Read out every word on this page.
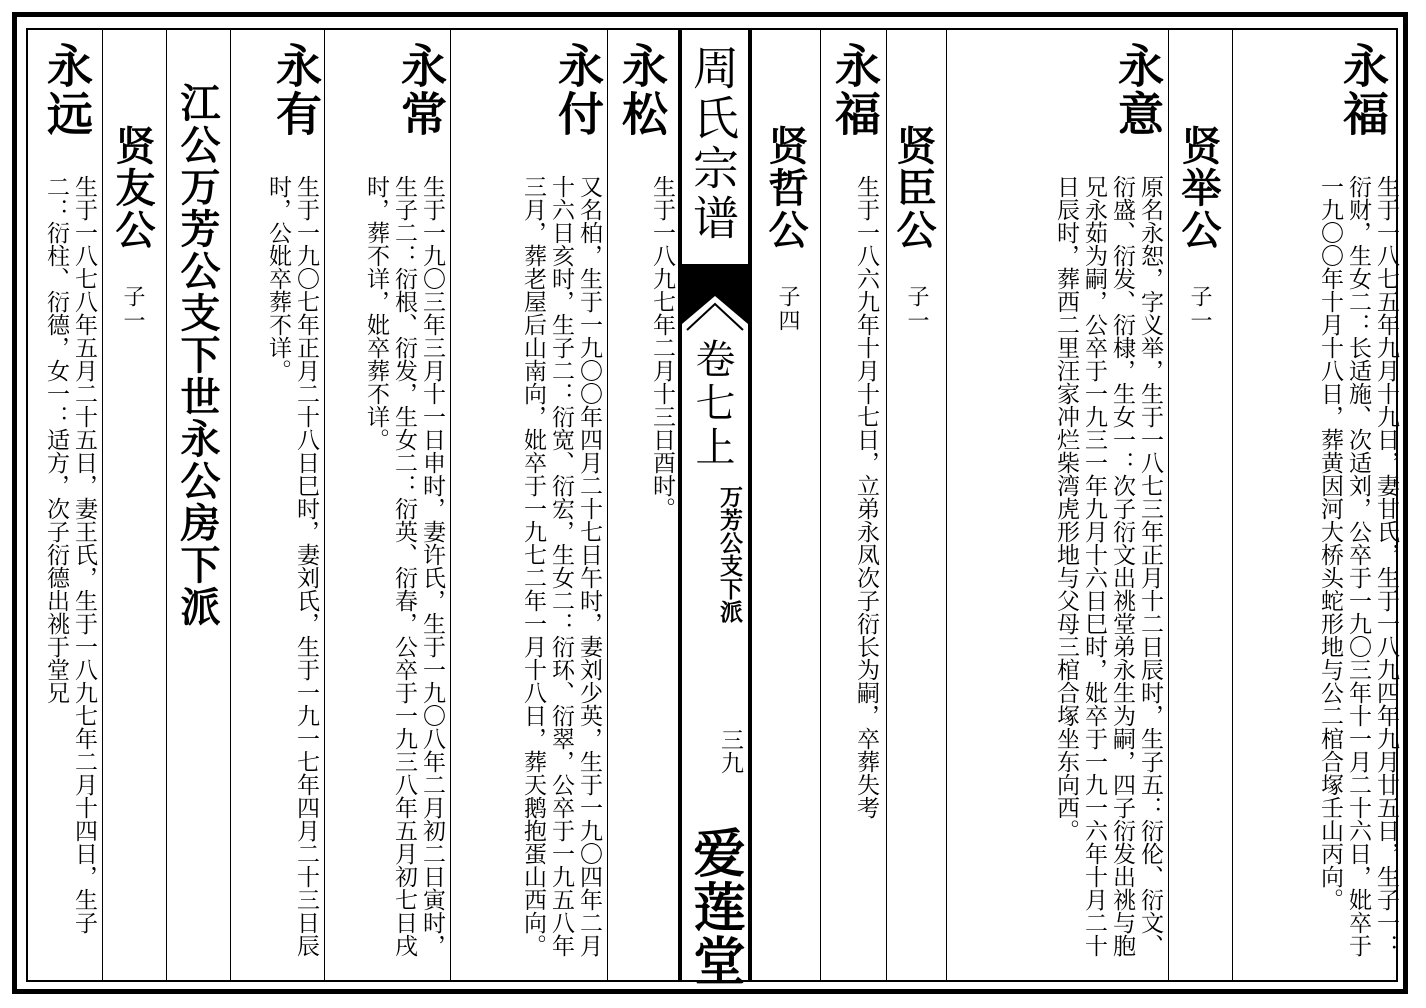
永远
生于一八七八年五月二十五日，妻王氏，生于一八九七年二月十四日，生子二：衍柱、衍德，女一：适方，次子衍德出祧于堂兄	贤友公
子一 江公万芳公支下世永公房下派 永有
生于一九〇七年正月二十八日巳时，妻刘氏，生于一九一七年四月二十三日辰时，公妣卒葬不详。
永常
生于一九〇三年三月十一日申时，妻许氏，生于一九〇八年二月初二日寅时，生子二：衍根、衍发，生女二：衍英、衍春，公卒于一九三八年五月初七日戌时，葬不详，妣卒葬不详。
永付
又名柏，生于一九〇〇年四月二十七日午时，妻刘少英，生于一九〇四年二月十六日亥时，生子二：衍宽、衍宏，生女二：衍环、衍翠，公卒于一九五八年三月，葬老屋后山南向，妣卒于一九七二年一月十八日，葬天鹅抱蛋山西向。
永松
生于一八九七年二月十三日酉时。
周氏宗谱
卷七上
万芳公支下派
三九
爱莲堂
贤哲公
子四
永福
生于一八六九年十月十七日，立弟永凤次子衍长为嗣，卒葬失考 贤臣公
子一
永意
原名永恕，字义举，生于一八七三年正月十二日辰时，生子五：衍伦、衍文、衍盛、衍发、衍棣，生女一：次子衍文出祧堂弟永生为嗣，四子衍发出祧与胞兄永茹为嗣，公卒于一九三一年九月十六日巳时，妣卒于一九一六年十月二十日辰时，葬西二里汪家冲烂柴湾虎形地与父母三棺合塚坐东向西。	贤举公
子一
永福
生于一八七五年九月十九日，妻甘氏，生于一八九四年九月廿五日，生子一：衍财，生女二：长适施、次适刘，公卒于一九〇三年十一月二十六日，妣卒于一九〇〇年十月十八日，葬黄因河大桥头蛇形地与公二棺合塚壬山丙向。
